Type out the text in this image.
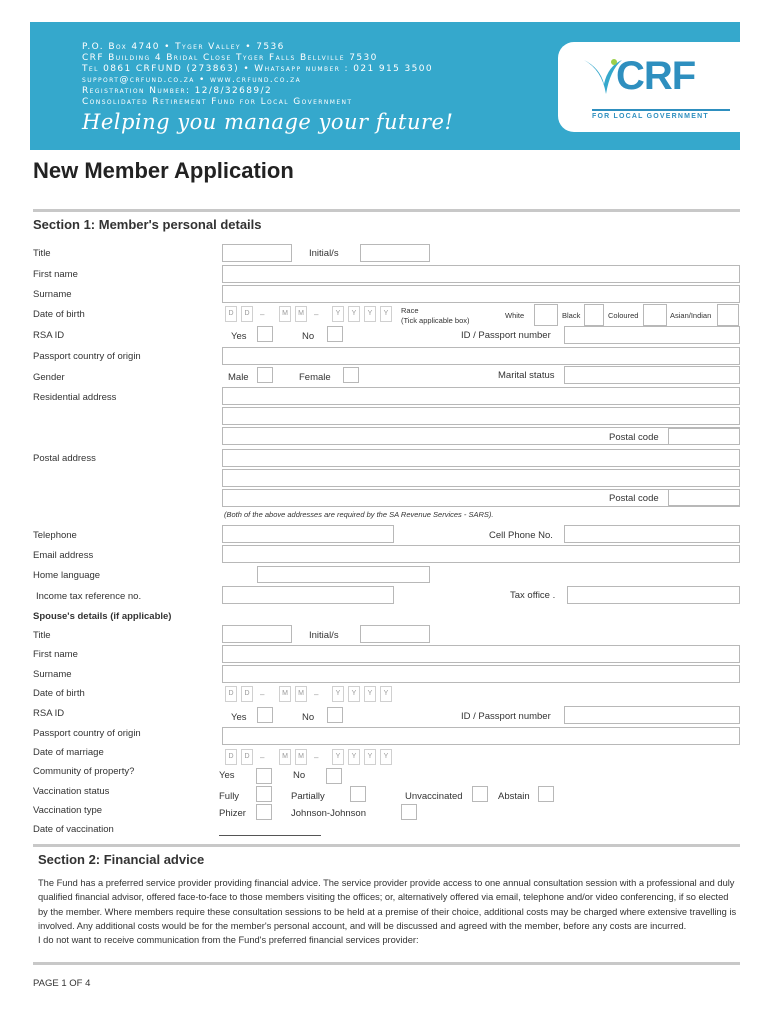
P.O. Box 4740 • Tyger Valley • 7536
CRF Building 4 Bridal Close Tyger Falls Bellville 7530
Tel 0861 CRFUND (273863) • Whatsapp number : 021 915 3500
support@crfund.co.za • www.crfund.co.za
Registration Number: 12/8/32689/2
Consolidated Retirement Fund for Local Government
Helping you manage your future!
CRF
FOR LOCAL GOVERNMENT
New Member Application
Section 1: Member's personal details
Title	Initial/s
First name
Surname
Date of birth	D	D	–	M	M	–	Y	Y	Y	Y	Race
(Tick applicable box)
White	Black	Coloured	Asian/Indian
RSA ID	Yes	No	ID / Passport number
Passport country of origin
Gender	Male	Female	Marital status
Residential address
Postal code
Postal address
Postal code
(Both of the above addresses are required by the SA Revenue Services - SARS).
Telephone	Cell Phone No.
Email address
Home language
Income tax reference no.	Tax office .
Spouse's details (if applicable)
Title	Initial/s
First name
Surname
Date of birth	D	D	–	M	M	–	Y	Y	Y	Y
RSA ID	Yes	No	ID / Passport number
Passport country of origin
Date of marriage	D	D	–	M	M	–	Y	Y	Y	Y
Community of property?	Yes	No
Vaccination status	Fully	Partially	Unvaccinated	Abstain
Vaccination type	Phizer	Johnson-Johnson
Date of vaccination
Section 2: Financial advice
The Fund has a preferred service provider providing financial advice. The service provider provide access to one annual consultation session with a professional and duly qualified financial advisor, offered face-to-face to those members visiting the offices; or, alternatively offered via email, telephone and/or video conferencing, if so elected by the member. Where members require these consultation sessions to be held at a premise of their choice, additional costs may be charged where extensive travelling is involved. Any additional costs would be for the member's personal account, and will be discussed and agreed with the member, before any costs are incurred.
I do not want to receive communication from the Fund's preferred financial services provider:
PAGE 1 OF 4
